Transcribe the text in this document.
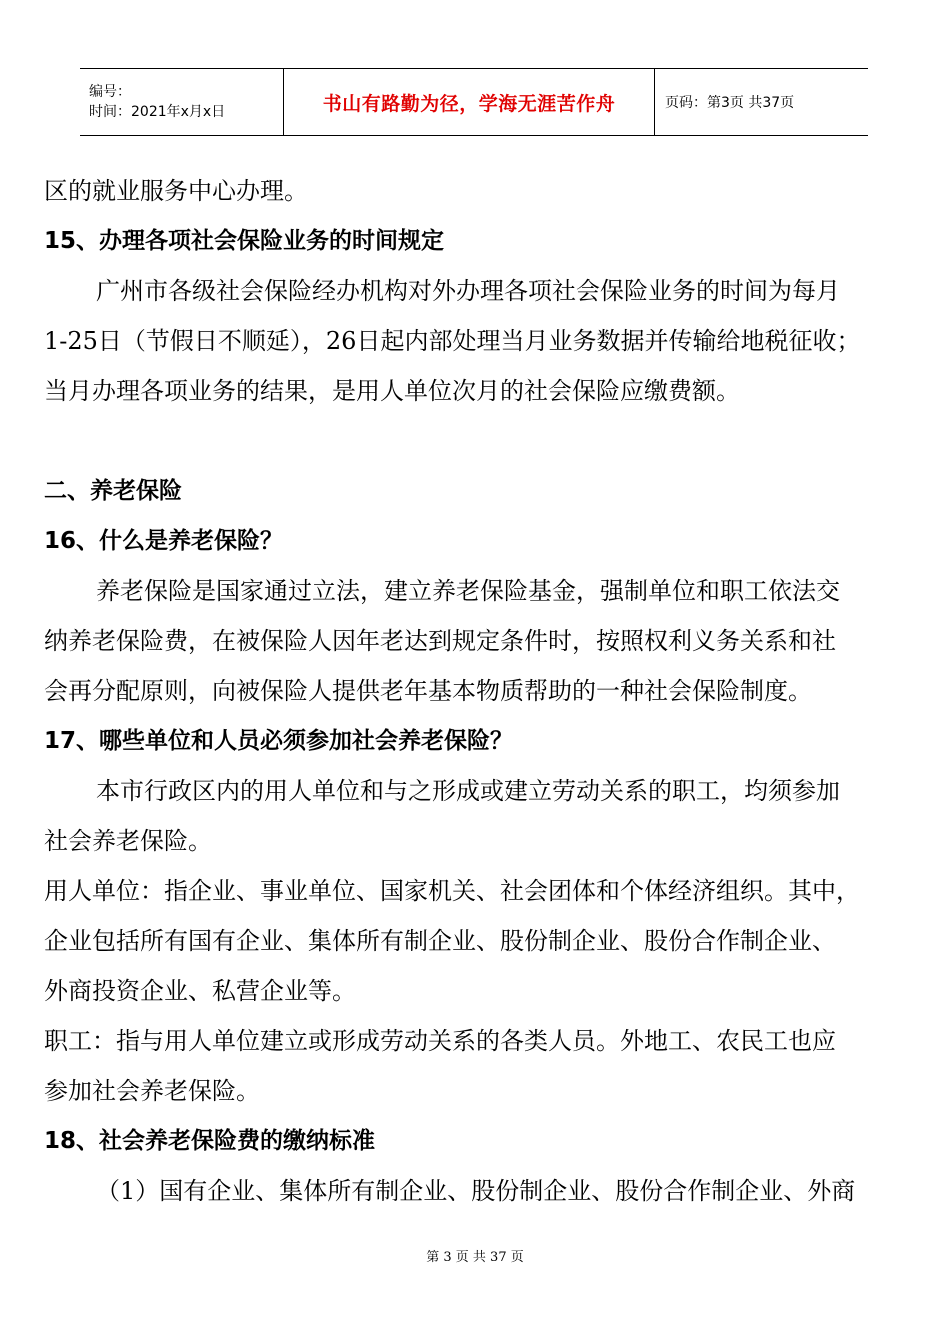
编号：
时间：2021年x月x日	书山有路勤为径，学海无涯苦作舟	页码：第3页 共37页
区的就业服务中心办理。
15、办理各项社会保险业务的时间规定
广州市各级社会保险经办机构对外办理各项社会保险业务的时间为每月
1-25日（节假日不顺延），26日起内部处理当月业务数据并传输给地税征收；
当月办理各项业务的结果，是用人单位次月的社会保险应缴费额。
二、养老保险
16、什么是养老保险？
养老保险是国家通过立法，建立养老保险基金，强制单位和职工依法交
纳养老保险费，在被保险人因年老达到规定条件时，按照权利义务关系和社
会再分配原则，向被保险人提供老年基本物质帮助的一种社会保险制度。
17、哪些单位和人员必须参加社会养老保险？
本市行政区内的用人单位和与之形成或建立劳动关系的职工，均须参加
社会养老保险。
用人单位：指企业、事业单位、国家机关、社会团体和个体经济组织。其中，
企业包括所有国有企业、集体所有制企业、股份制企业、股份合作制企业、
外商投资企业、私营企业等。
职工：指与用人单位建立或形成劳动关系的各类人员。外地工、农民工也应
参加社会养老保险。
18、社会养老保险费的缴纳标准
（1）国有企业、集体所有制企业、股份制企业、股份合作制企业、外商
第 3 页 共 37 页
